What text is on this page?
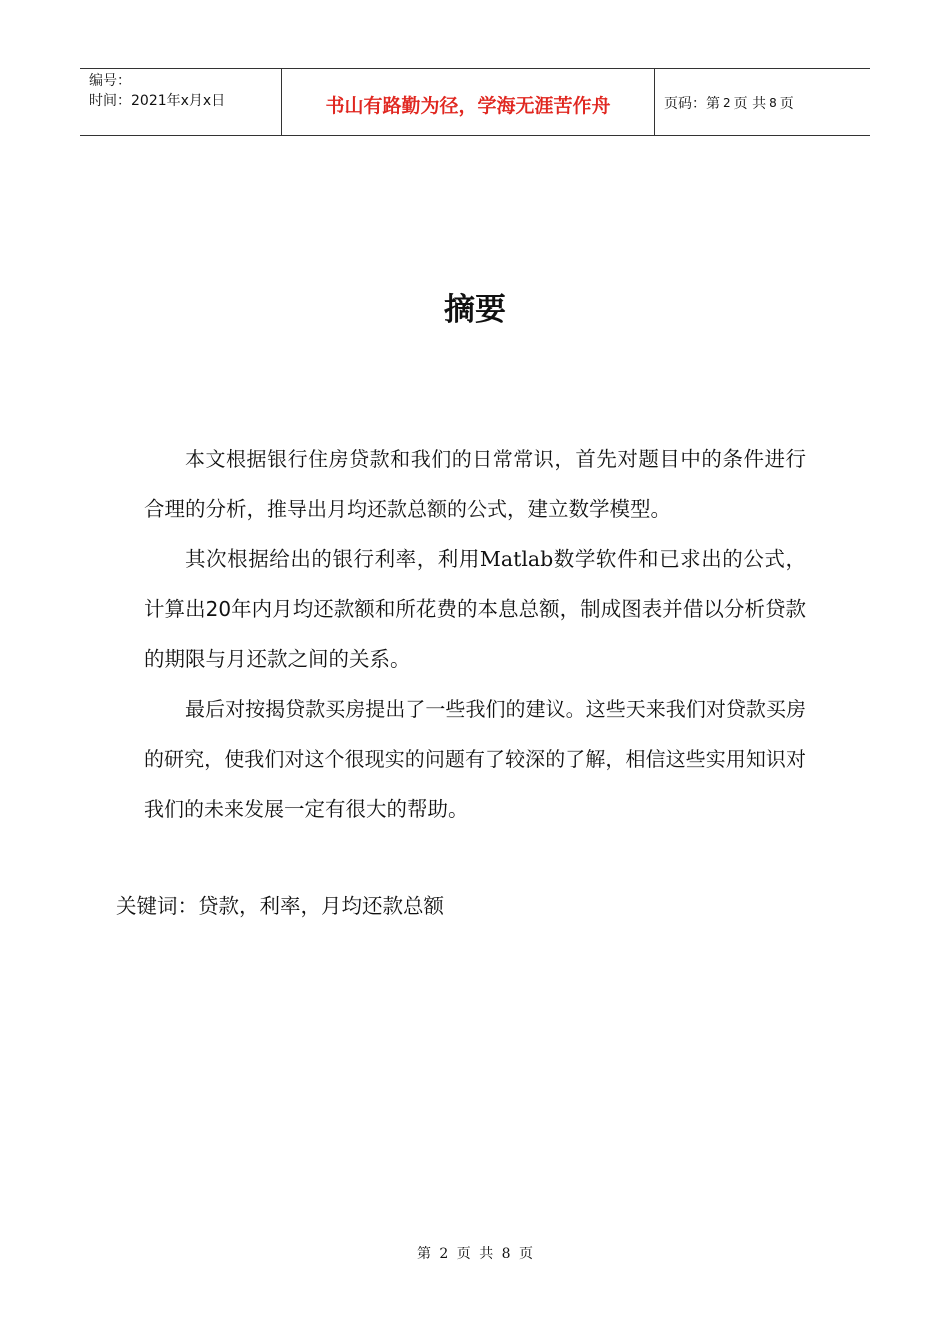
编号：
时间： 2021年x月x日	书山有路勤为径，学海无涯苦作舟	页码：第 2 页 共 8 页
摘要

本文根据银行住房贷款和我们的日常常识，首先对题目中的条件进行合理的分析，推导出月均还款总额的公式，建立数学模型。

其次根据给出的银行利率，利用Matlab数学软件和已求出的公式，计算出20年内月均还款额和所花费的本息总额，制成图表并借以分析贷款的期限与月还款之间的关系。

最后对按揭贷款买房提出了一些我们的建议。这些天来我们对贷款买房的研究，使我们对这个很现实的问题有了较深的了解，相信这些实用知识对我们的未来发展一定有很大的帮助。

关键词：贷款，利率，月均还款总额
第 2 页 共 8 页
